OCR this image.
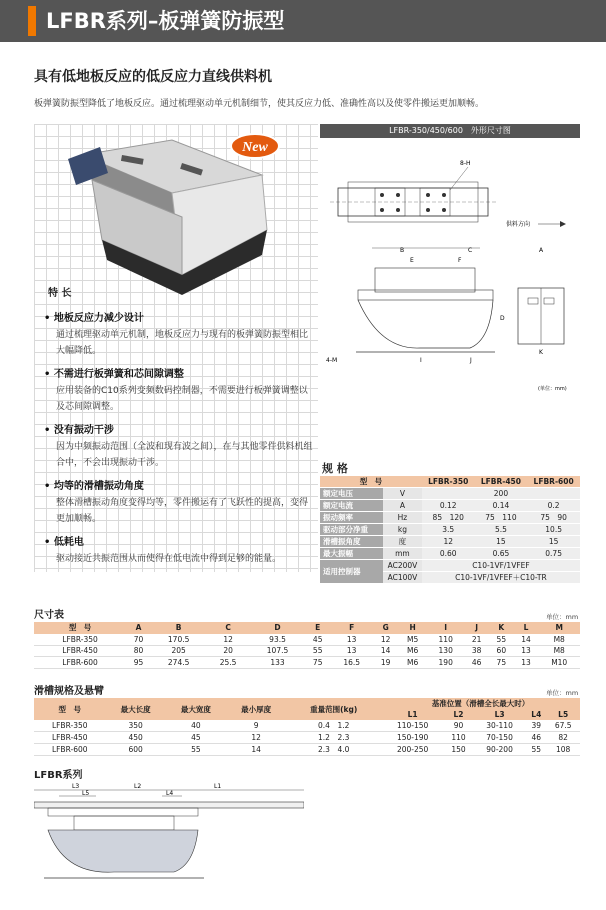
LFBR系列–板弹簧防振型
具有低地板反应的低反应力直线供料机
板弹簧防振型降低了地板反应。通过梳理驱动单元机制细节，使其反应力低、准确性高以及使零件搬运更加顺畅。
New
特 长
• 地板反应力减少设计
通过梳理驱动单元机制，地板反应力与现有的板弹簧防振型相比大幅降低。
• 不需进行板弹簧和芯间隙调整
应用装备的C10系列变频数码控制器，不需要进行板弹簧调整以及芯间隙调整。
• 没有振动干涉
因为中频振动范围（全波和现有波之间），在与其他零件供料机组合中，不会出现振动干涉。
• 均等的滑槽振动角度
整体滑槽振动角度变得均等，零件搬运有了飞跃性的提高，变得更加顺畅。
• 低耗电
驱动接近共振范围从而使得在低电流中得到足够的能量。
LFBR-350/450/600　外形尺寸图
8-H
供料方向
B	C
E	F
4-M	I	J
D
A
K
(单位：mm)
规 格
型　号		LFBR-350	LFBR-450	LFBR-600
额定电压	V	200		
额定电流	A	0.12	0.14	0.2
振动频率	Hz	85　120	75　110	75　90
驱动部分净重	kg	3.5	5.5	10.5
滑槽振角度	度	12	15	15
最大振幅	mm	0.60	0.65	0.75
适用控制器	AC200V	C10-1VF/1VFEF		
	AC100V	C10-1VF/1VFEF＋C10-TR		
尺寸表	单位：mm
型　号	A	B	C	D	E	F	G	H	I	J	K	L	M
LFBR-350	70	170.5	12	93.5	45	13	12	M5	110	21	55	14	M8
LFBR-450	80	205	20	107.5	55	13	14	M6	130	38	60	13	M8
LFBR-600	95	274.5	25.5	133	75	16.5	19	M6	190	46	75	13	M10
滑槽规格及悬臂	单位：mm
型　号	最大长度	最大宽度	最小厚度	重量范围(kg)	基准位置（滑槽全长最大时）				
					L1	L2	L3	L4	L5
LFBR-350	350	40	9	0.4　1.2	110-150	90	30-110	39	67.5
LFBR-450	450	45	12	1.2　2.3	150-190	110	70-150	46	82
LFBR-600	600	55	14	2.3　4.0	200-250	150	90-200	55	108
LFBR系列
L3	L2	L1
L5	L4
